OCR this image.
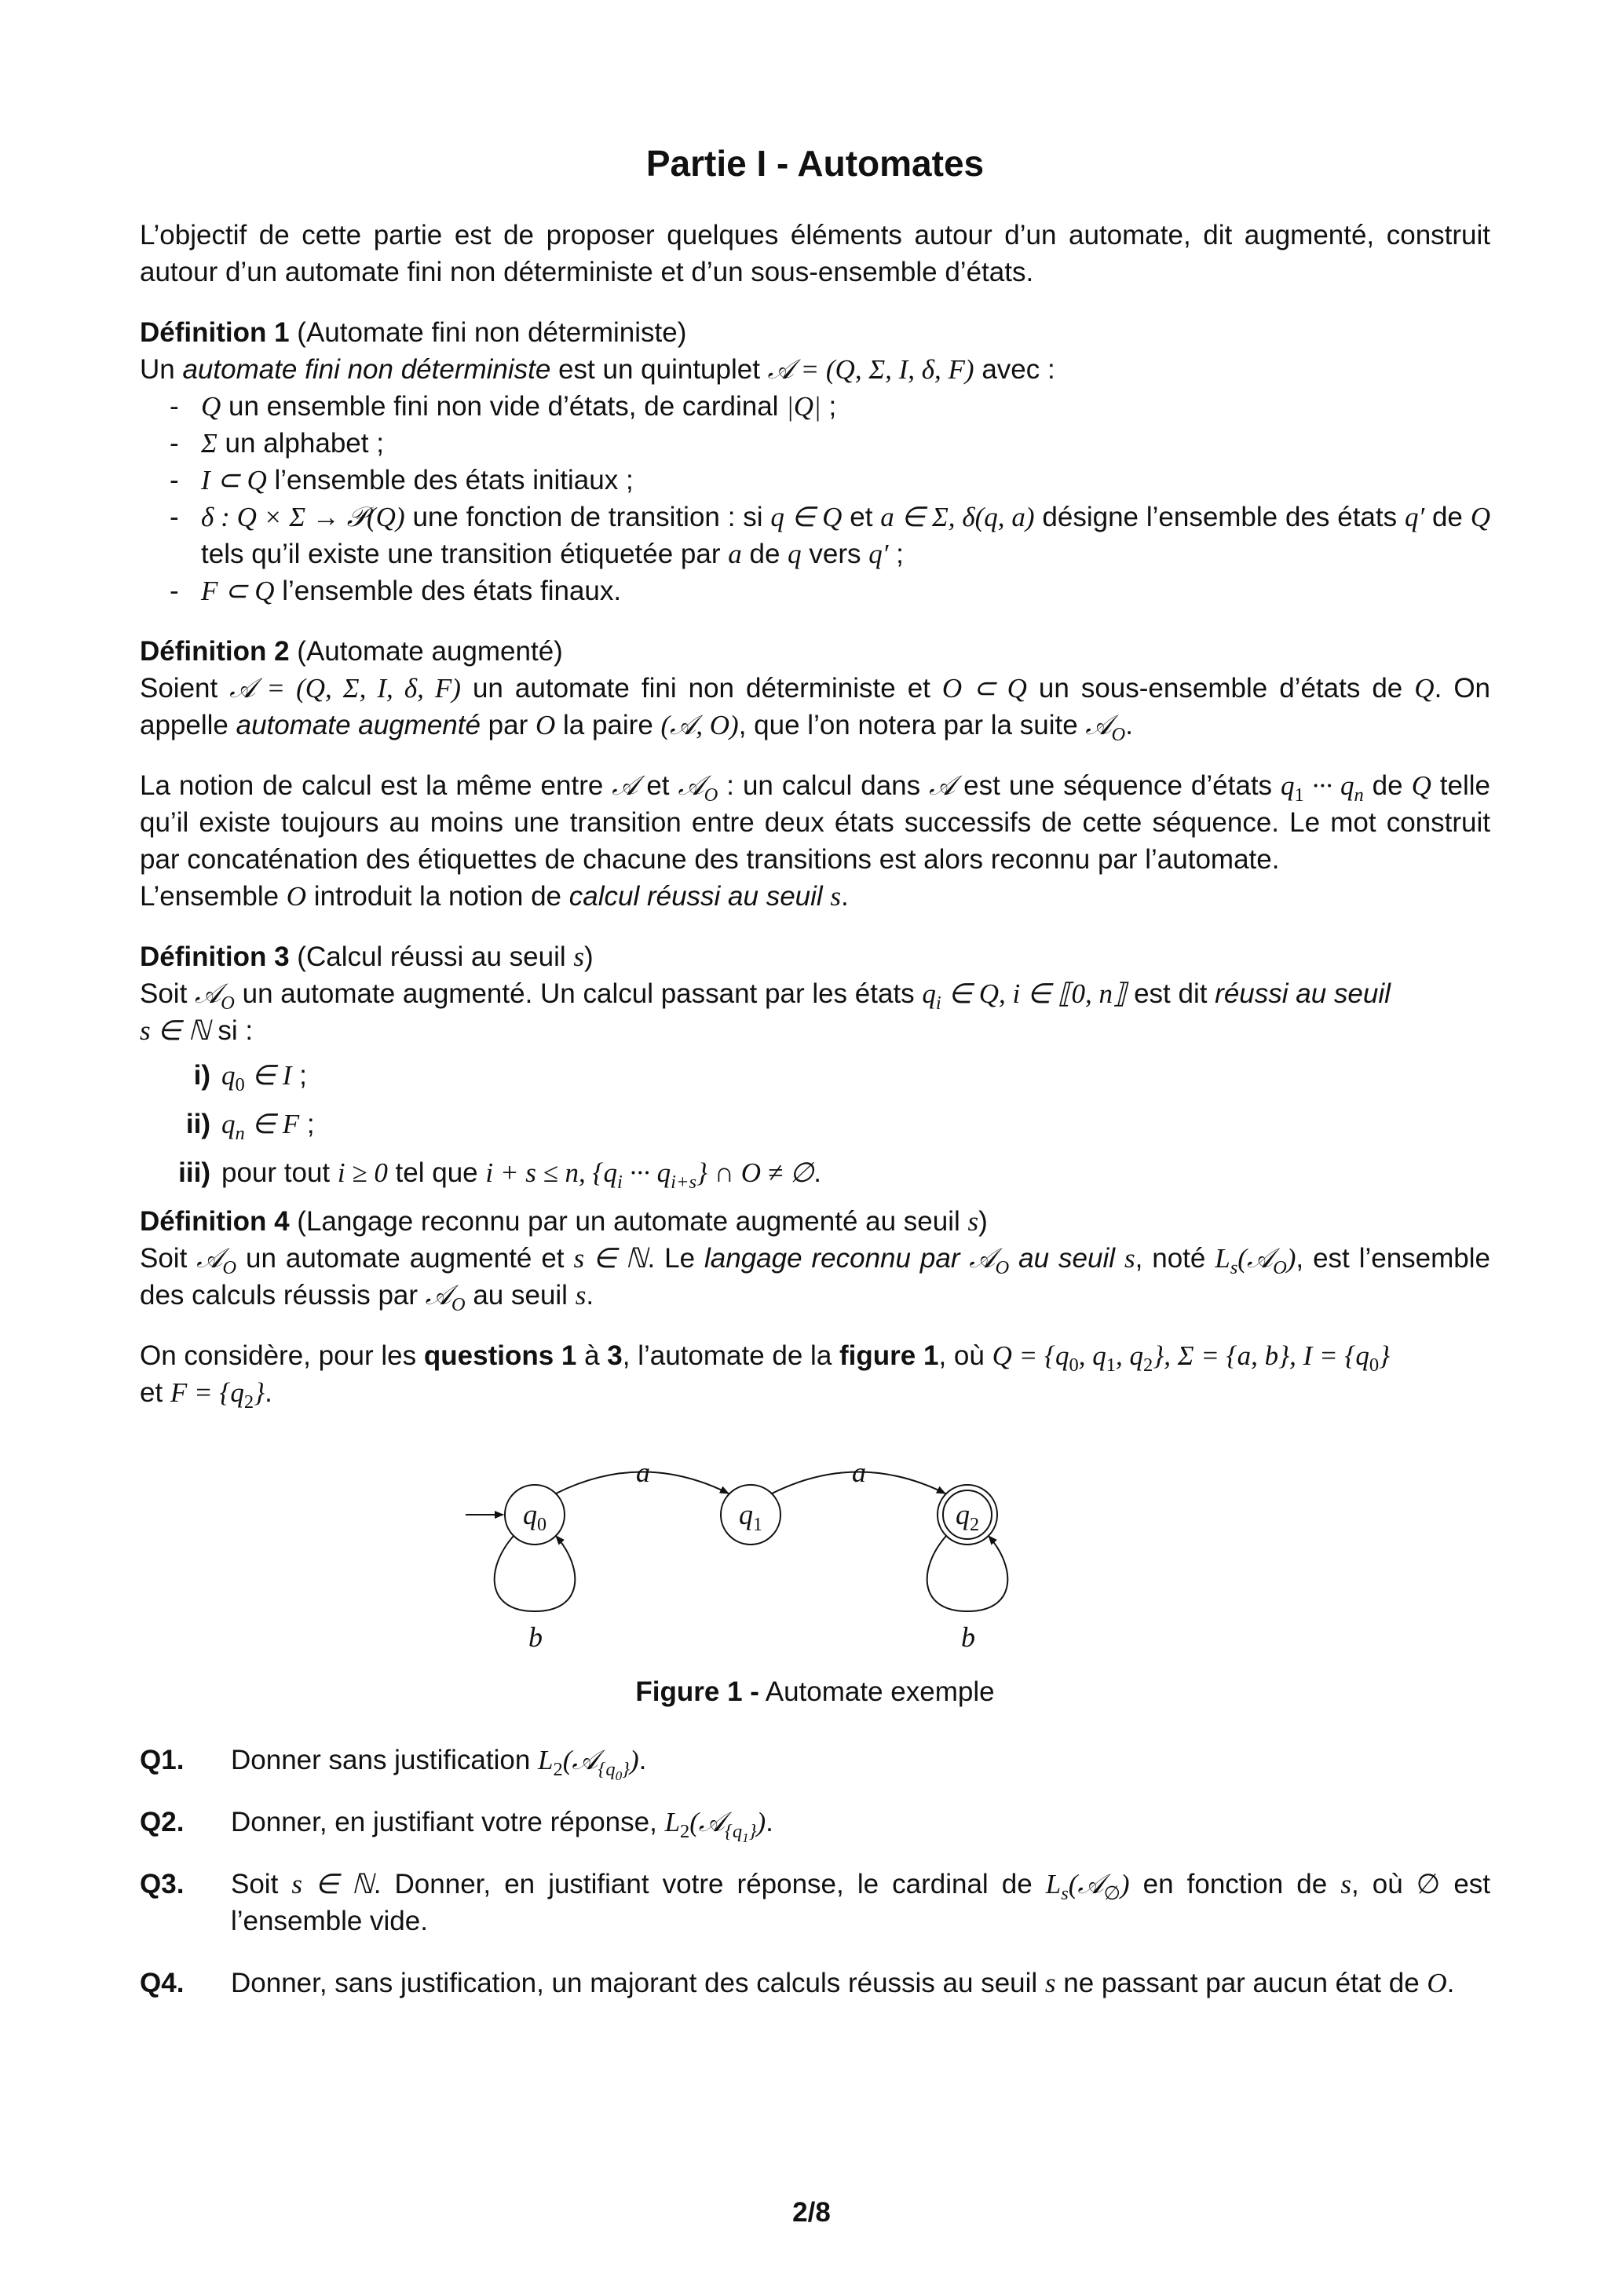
Partie I - Automates

L’objectif de cette partie est de proposer quelques éléments autour d’un automate, dit augmenté, construit autour d’un automate fini non déterministe et d’un sous-ensemble d’états.

Définition 1 (Automate fini non déterministe)

Un automate fini non déterministe est un quintuplet 𝒜 = (Q, Σ, I, δ, F) avec :

- Q un ensemble fini non vide d’états, de cardinal |Q| ;
- Σ un alphabet ;
- I ⊂ Q l’ensemble des états initiaux ;
- δ : Q × Σ → 𝒫(Q) une fonction de transition : si q ∈ Q et a ∈ Σ, δ(q, a) désigne l’ensemble des états q′ de Q tels qu’il existe une transition étiquetée par a de q vers q′ ;
- F ⊂ Q l’ensemble des états finaux.

Définition 2 (Automate augmenté)

Soient 𝒜 = (Q, Σ, I, δ, F) un automate fini non déterministe et O ⊂ Q un sous-ensemble d’états de Q. On appelle automate augmenté par O la paire (𝒜, O), que l’on notera par la suite 𝒜$_O$.

La notion de calcul est la même entre 𝒜 et 𝒜$_O$ : un calcul dans 𝒜 est une séquence d’états $q_1$ ··· $q_n$ de Q telle qu’il existe toujours au moins une transition entre deux états successifs de cette séquence. Le mot construit par concaténation des étiquettes de chacune des transitions est alors reconnu par l’automate.

L’ensemble O introduit la notion de calcul réussi au seuil s.

Définition 3 (Calcul réussi au seuil s)

Soit 𝒜$_O$ un automate augmenté. Un calcul passant par les états $q_i$ ∈ Q, i ∈ ⟦0, n⟧ est dit réussi au seuil
s ∈ ℕ si :

i) $q_0$ ∈ I ;
ii) $q_n$ ∈ F ;
iii) pour tout i ≥ 0 tel que i + s ≤ n, {$q_i$ ··· $q_{i+s}$} ∩ O ≠ ∅.

Définition 4 (Langage reconnu par un automate augmenté au seuil s)

Soit 𝒜$_O$ un automate augmenté et s ∈ ℕ. Le langage reconnu par 𝒜$_O$ au seuil s, noté $L_s(𝒜_O)$, est l’ensemble des calculs réussis par 𝒜$_O$ au seuil s.

On considère, pour les questions 1 à 3, l’automate de la figure 1, où $Q = \{q_0$, $q_1$, $q_2$}, Σ = {a, b}, $I = \{q_0\}$
et $F = \{q_2\}$.

$q_0$	$q_1$	$q_2$
a	a
b	b

Figure 1 - Automate exemple

Q1.	Donner sans justification $L_2(𝒜_{\{q_0\}})$.
Q2.	Donner, en justifiant votre réponse, $L_2(𝒜_{\{q_1\}})$.
Q3.	Soit s ∈ ℕ. Donner, en justifiant votre réponse, le cardinal de $L_s(𝒜_\emptyset)$ en fonction de s, où ∅ est l’ensemble vide.
Q4.	Donner, sans justification, un majorant des calculs réussis au seuil s ne passant par aucun état de O.
2/8
